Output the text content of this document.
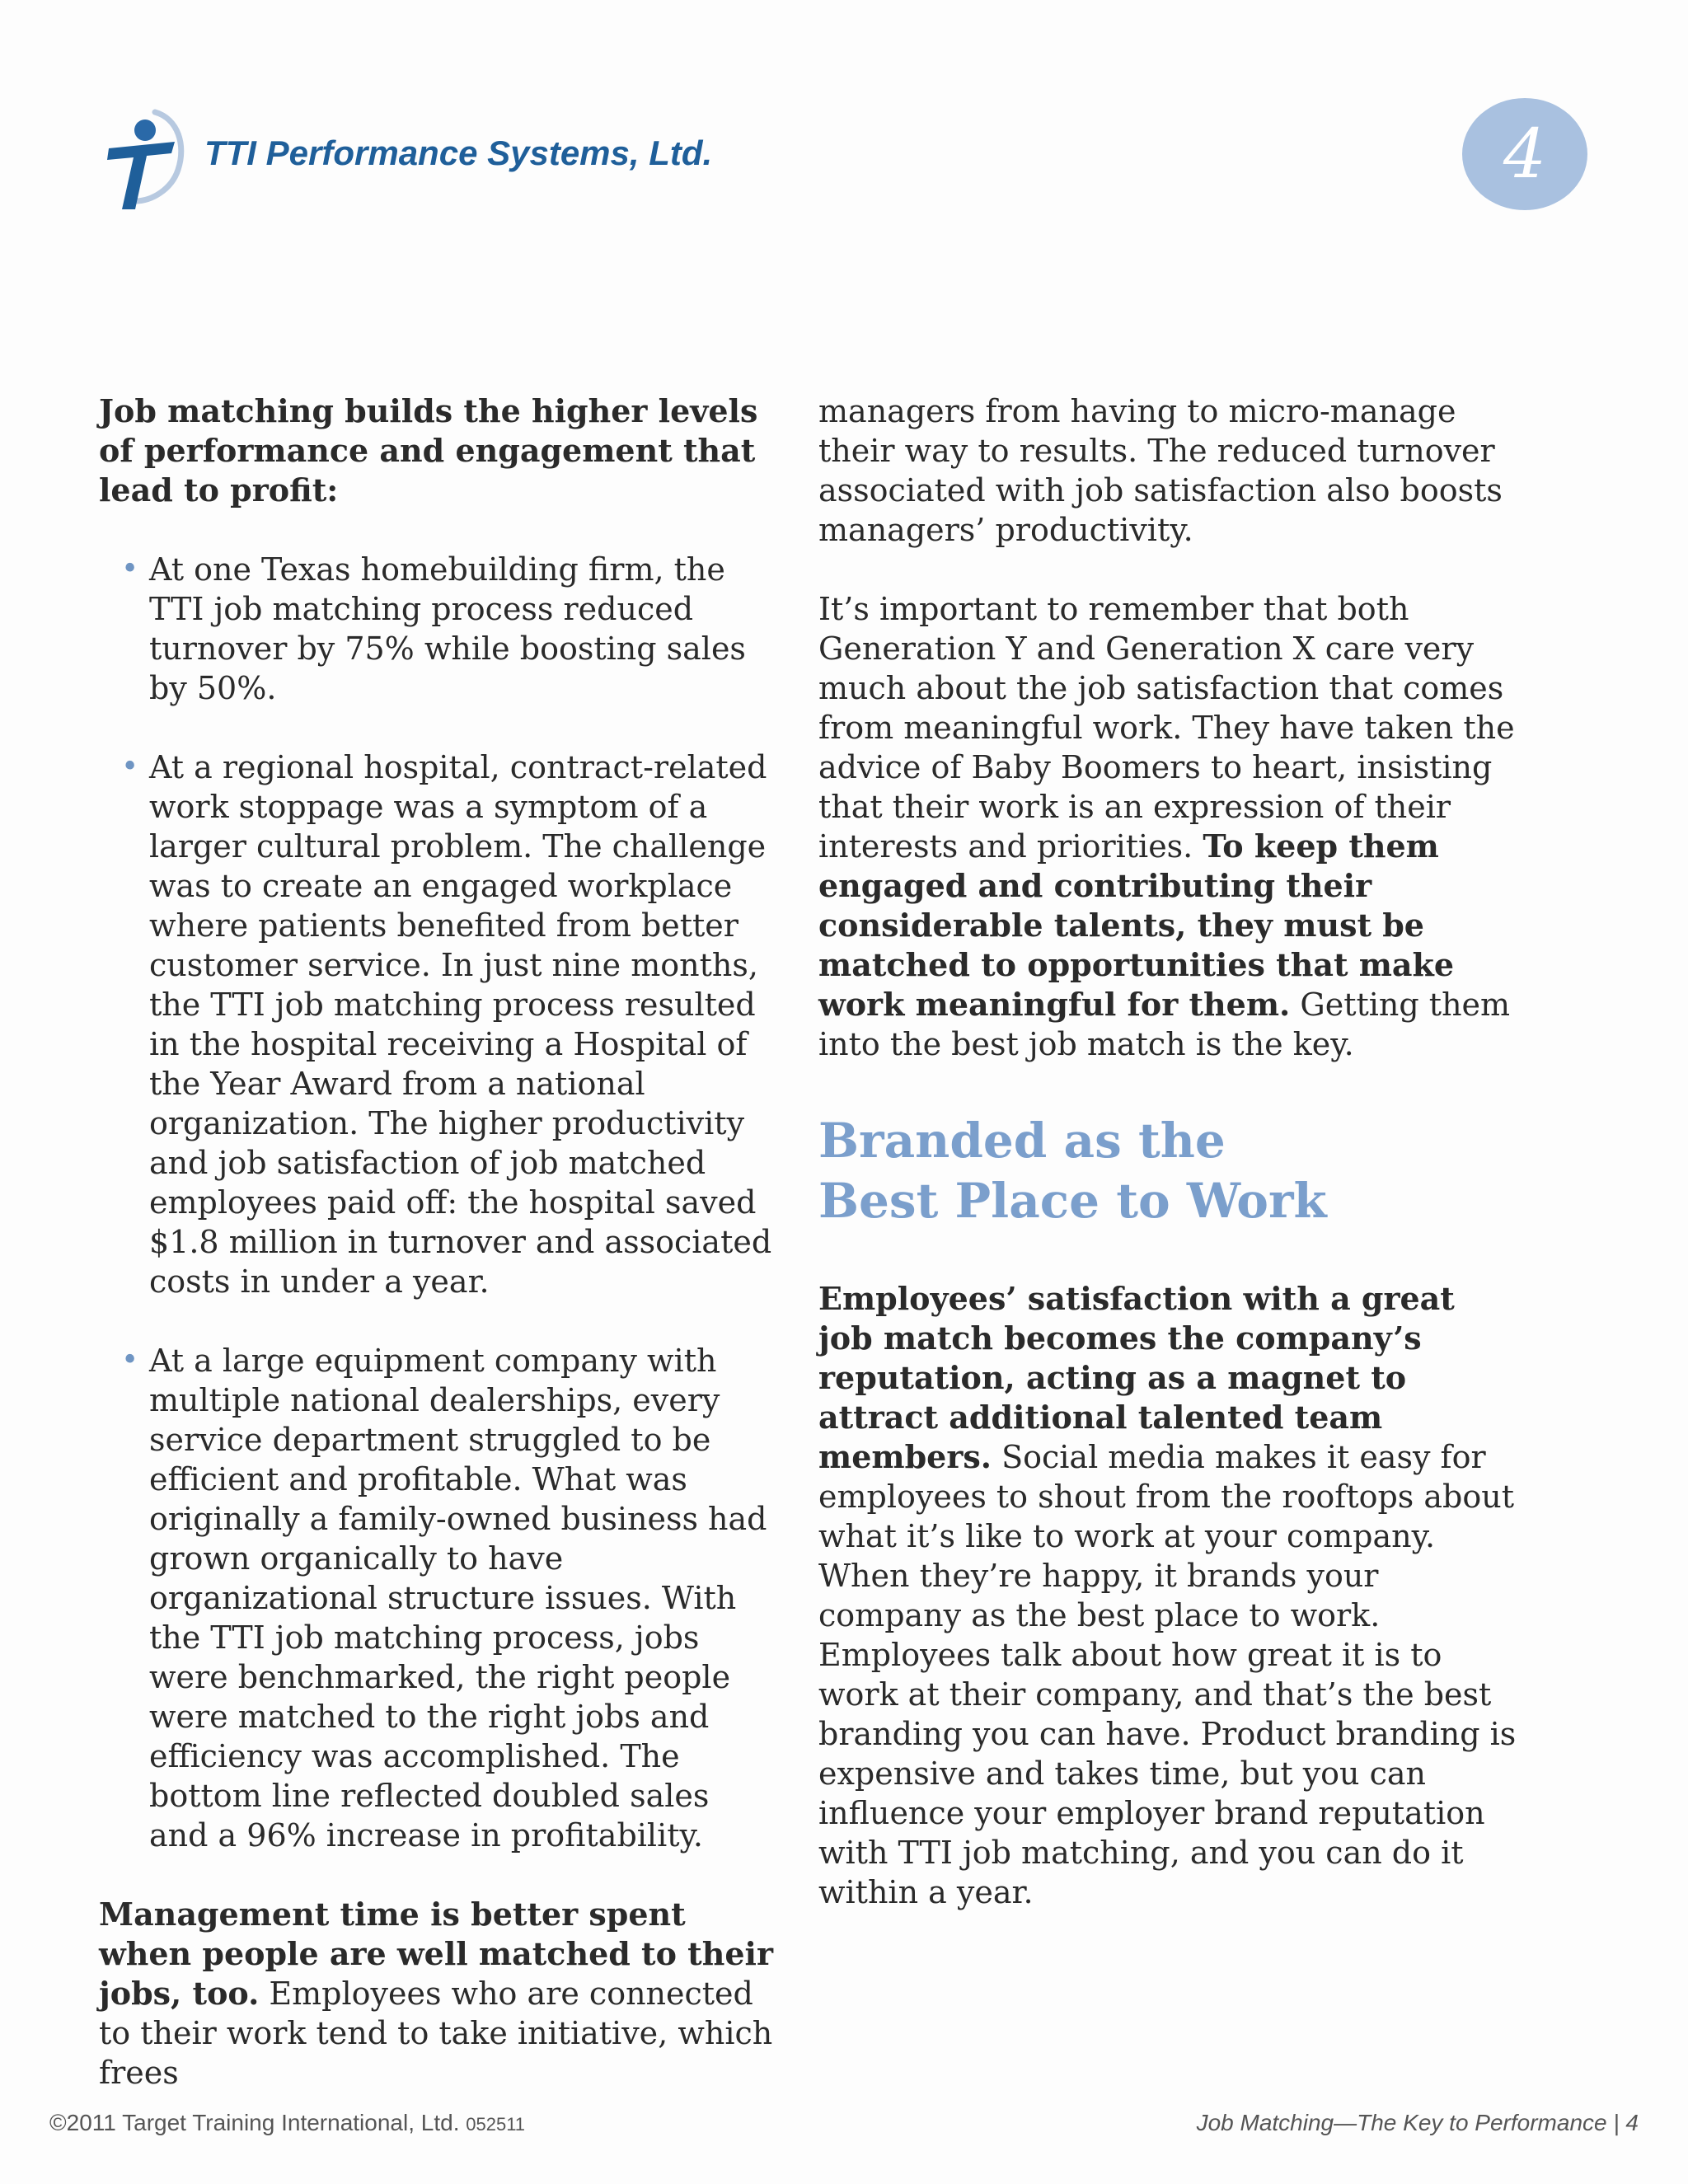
TTI Performance Systems, Ltd.	4

Job matching builds the higher levels of performance and engagement that lead to profit:

• At one Texas homebuilding firm, the TTI job matching process reduced turnover by 75% while boosting sales by 50%.
• At a regional hospital, contract-related work stoppage was a symptom of a larger cultural problem. The challenge was to create an engaged workplace where patients benefited from better customer service. In just nine months, the TTI job matching process resulted in the hospital receiving a Hospital of the Year Award from a national organization. The higher productivity and job satisfaction of job matched employees paid off: the hospital saved $1.8 million in turnover and associated costs in under a year.
• At a large equipment company with multiple national dealerships, every service department struggled to be efficient and profitable. What was originally a family-owned business had grown organically to have organizational structure issues. With the TTI job matching process, jobs were benchmarked, the right people were matched to the right jobs and efficiency was accomplished. The bottom line reflected doubled sales and a 96% increase in profitability.

Management time is better spent when people are well matched to their jobs, too. Employees who are connected to their work tend to take initiative, which frees

managers from having to micro-manage their way to results. The reduced turnover associated with job satisfaction also boosts managers’ productivity.

It’s important to remember that both Generation Y and Generation X care very much about the job satisfaction that comes from meaningful work. They have taken the advice of Baby Boomers to heart, insisting that their work is an expression of their interests and priorities. To keep them engaged and contributing their considerable talents, they must be matched to opportunities that make work meaningful for them. Getting them into the best job match is the key.

Branded as the
Best Place to Work

Employees’ satisfaction with a great job match becomes the company’s reputation, acting as a magnet to attract additional talented team members. Social media makes it easy for employees to shout from the rooftops about what it’s like to work at your company. When they’re happy, it brands your company as the best place to work. Employees talk about how great it is to work at their company, and that’s the best branding you can have. Product branding is expensive and takes time, but you can influence your employer brand reputation with TTI job matching, and you can do it within a year.

©2011 Target Training International, Ltd. 052511	Job Matching—The Key to Performance | 4
